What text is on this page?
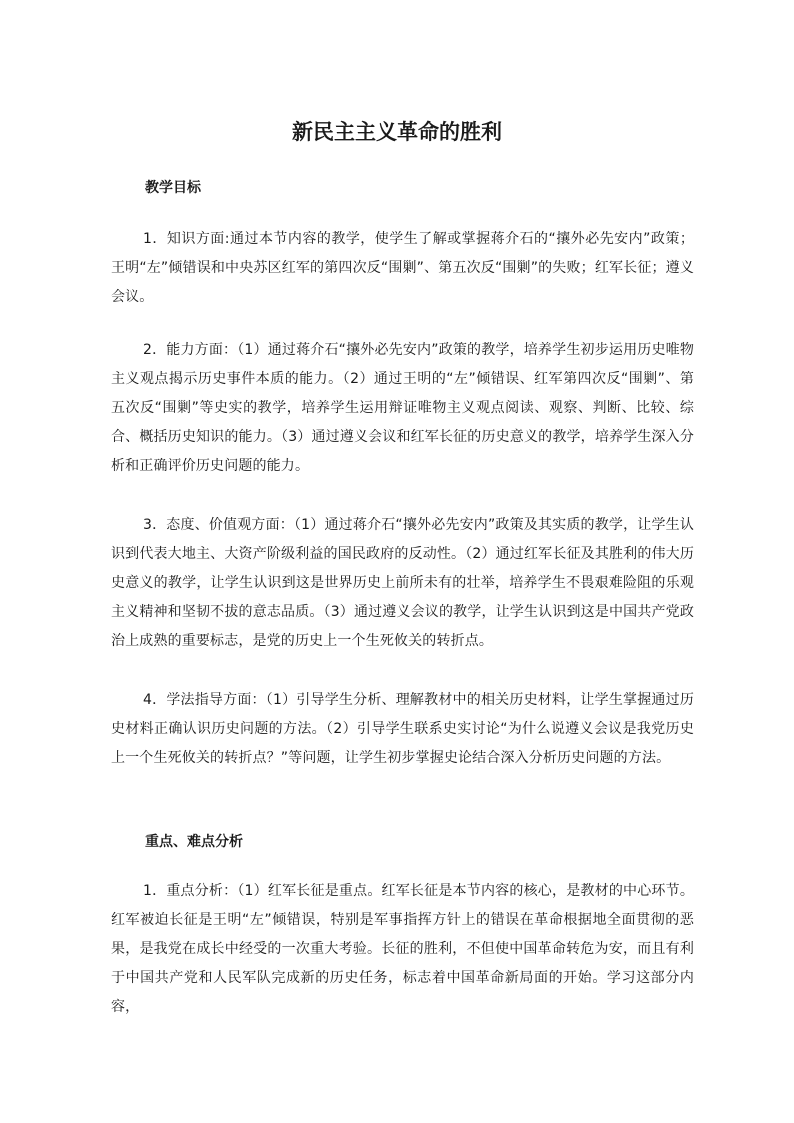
新民主主义革命的胜利
教学目标

1．知识方面:通过本节内容的教学，使学生了解或掌握蒋介石的“攘外必先安内”政策；王明“左”倾错误和中央苏区红军的第四次反“围剿”、第五次反“围剿”的失败；红军长征；遵义会议。

2．能力方面：（1）通过蒋介石“攘外必先安内”政策的教学，培养学生初步运用历史唯物主义观点揭示历史事件本质的能力。（2）通过王明的“左”倾错误、红军第四次反“围剿”、第五次反“围剿”等史实的教学，培养学生运用辩证唯物主义观点阅读、观察、判断、比较、综合、概括历史知识的能力。（3）通过遵义会议和红军长征的历史意义的教学，培养学生深入分析和正确评价历史问题的能力。

3．态度、价值观方面：（1）通过蒋介石“攘外必先安内”政策及其实质的教学，让学生认识到代表大地主、大资产阶级利益的国民政府的反动性。（2）通过红军长征及其胜利的伟大历史意义的教学，让学生认识到这是世界历史上前所未有的壮举，培养学生不畏艰难险阻的乐观主义精神和坚韧不拔的意志品质。（3）通过遵义会议的教学，让学生认识到这是中国共产党政治上成熟的重要标志，是党的历史上一个生死攸关的转折点。

4．学法指导方面：（1）引导学生分析、理解教材中的相关历史材料，让学生掌握通过历史材料正确认识历史问题的方法。（2）引导学生联系史实讨论“为什么说遵义会议是我党历史上一个生死攸关的转折点？”等问题，让学生初步掌握史论结合深入分析历史问题的方法。

重点、难点分析

1．重点分析：（1）红军长征是重点。红军长征是本节内容的核心，是教材的中心环节。红军被迫长征是王明“左”倾错误，特别是军事指挥方针上的错误在革命根据地全面贯彻的恶果，是我党在成长中经受的一次重大考验。长征的胜利，不但使中国革命转危为安，而且有利于中国共产党和人民军队完成新的历史任务，标志着中国革命新局面的开始。学习这部分内容，
